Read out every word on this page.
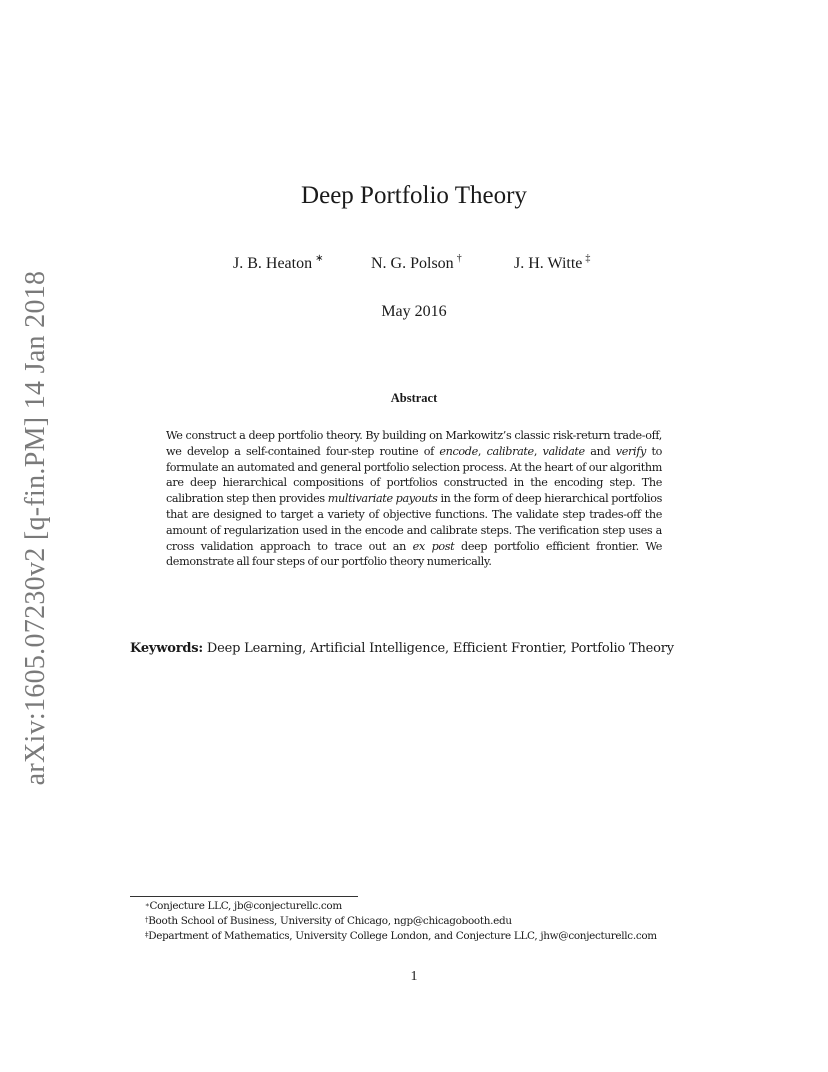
arXiv:1605.07230v2 [q-fin.PM] 14 Jan 2018
Deep Portfolio Theory
J. B. Heaton ∗	N. G. Polson †	J. H. Witte ‡
May 2016
Abstract
We construct a deep portfolio theory. By building on Markowitz’s classic risk-return trade-off, we develop a self-contained four-step routine of encode, calibrate, validate and verify to formulate an automated and general portfolio selection process. At the heart of our algorithm are deep hierarchical compositions of portfolios constructed in the encoding step. The calibration step then provides multivariate payouts in the form of deep hierarchical portfolios that are designed to target a variety of objective functions. The validate step trades-off the amount of regularization used in the encode and calibrate steps. The verification step uses a cross validation approach to trace out an ex post deep portfolio efficient frontier. We demonstrate all four steps of our portfolio theory numerically.
Keywords: Deep Learning, Artificial Intelligence, Efficient Frontier, Portfolio Theory
∗Conjecture LLC, jb@conjecturellc.com
†Booth School of Business, University of Chicago, ngp@chicagobooth.edu
‡Department of Mathematics, University College London, and Conjecture LLC, jhw@conjecturellc.com
1
